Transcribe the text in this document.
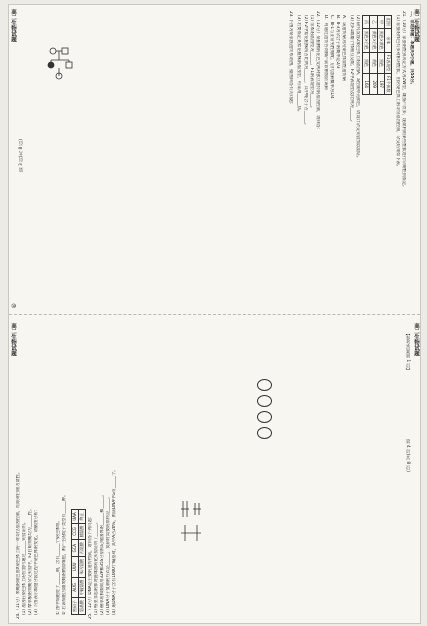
高二生物试题	高二生物试题
高二生物试题	高二生物试题
⑩
二、非选择题：本题共5小题，共55分。
21.（10分）家蚕的性别决定方式为ZW型，雄蚕产丝多，现欲利用某些性状进行早期性别鉴定。
(1) 家蚕的体色有多对相对性状，由常染色体上的等位基因控制，杂交结果如下表。
组别	亲本	F1表现型	F1个体数
甲	黑色×黄色	黑色	197
乙	黄色×白色	黄色	209
丙	黑色×白色	黑色	164
(2) 研究发现Z染色体上的基因A、a控制卵壳颜色，请设计杂交实验加以验证。
(3) 若F1雌雄个体相互交配，F2中表现型及比例为______。
A．该遗传病为常染色体显性遗传病
B．Ⅱ-3为杂合子的概率是2/3
C．Ⅲ-1与正常男性婚配，后代患病概率为1/4
D．可通过遗传咨询和产前诊断预防该病
22.（12分）某植物的花色受两对独立遗传的基因控制，请回答：
(1) 亲本的基因型为______，F1的表现型为______。
(2) F2中紫花植株所占比例为______，其中纯合子占______。
(3) 若要鉴定某紫花植株的基因型，可采用______法。
23. 下图为某家族遗传系谱图，据图回答有关问题：
第 3 页(共 8 页)
24.（11分）果蝇的眼色由X染色体上的一对等位基因控制，红眼对白眼为显性。 (1) 基因在染色体上的位置可通过______实验证明。 (2) 摩尔根的果蝇杂交实验中，F2白眼果蝇均为______性。 (3) 下图表示细胞分裂过程中染色体的变化，请据图分析：	① 图中细胞处于______期，含有______个染色体组。 ② 若该细胞为雄果蝇的精原细胞，则产生的配子类型有______种。 密码子	AUG	UUU	GCA	CCG	UAA
氨基酸	甲硫氨酸	苯丙氨酸	丙氨酸	脯氨酸	终止 25.（12分）DNA是主要的遗传物质，请回答下列问题： (1) 格里菲思的肺炎链球菌转化实验证明了______。 (2) 赫尔希和蔡斯用32P和35S分别标记噬菌体的______和______。 (3) DNA分子复制的方式是______，复制时需要的原料是______。 (4) 某DNA分子含有1000个碱基对，其中A占20%，则该DNA中G有______个。
第 4 页(共 8 页)
【参考答案第 1 页】
